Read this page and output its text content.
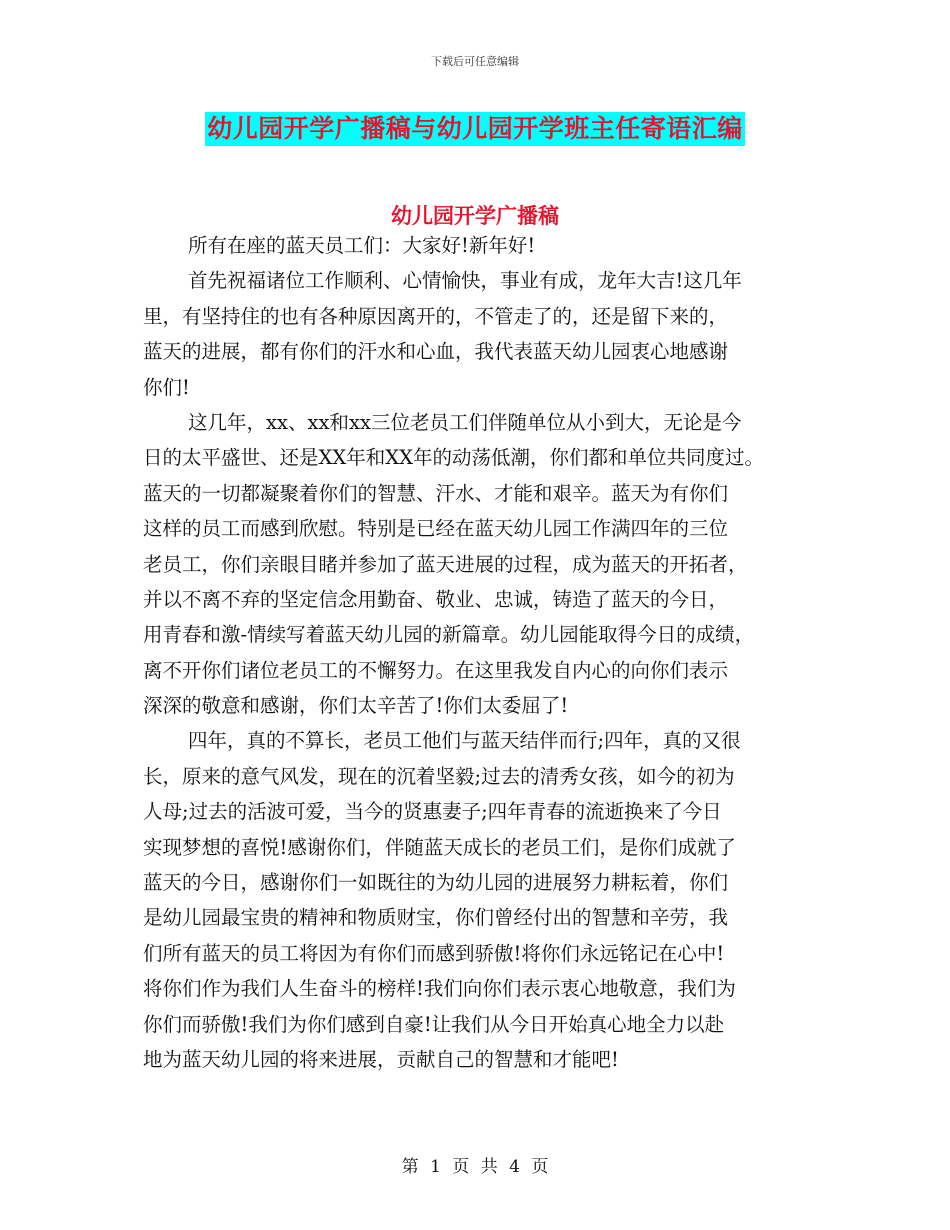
下载后可任意编辑
幼儿园开学广播稿与幼儿园开学班主任寄语汇编
幼儿园开学广播稿
所有在座的蓝天员工们：大家好!新年好!
首先祝福诸位工作顺利、心情愉快，事业有成，龙年大吉!这几年
里，有坚持住的也有各种原因离开的，不管走了的，还是留下来的，
蓝天的进展，都有你们的汗水和心血，我代表蓝天幼儿园衷心地感谢
你们!
这几年，xx、xx和xx三位老员工们伴随单位从小到大，无论是今
日的太平盛世、还是XX年和XX年的动荡低潮，你们都和单位共同度过。
蓝天的一切都凝聚着你们的智慧、汗水、才能和艰辛。蓝天为有你们
这样的员工而感到欣慰。特别是已经在蓝天幼儿园工作满四年的三位
老员工，你们亲眼目睹并参加了蓝天进展的过程，成为蓝天的开拓者，
并以不离不弃的坚定信念用勤奋、敬业、忠诚，铸造了蓝天的今日，
用青春和激-情续写着蓝天幼儿园的新篇章。幼儿园能取得今日的成绩，
离不开你们诸位老员工的不懈努力。在这里我发自内心的向你们表示
深深的敬意和感谢，你们太辛苦了!你们太委屈了!
四年，真的不算长，老员工他们与蓝天结伴而行;四年，真的又很
长，原来的意气风发，现在的沉着坚毅;过去的清秀女孩，如今的初为
人母;过去的活波可爱，当今的贤惠妻子;四年青春的流逝换来了今日
实现梦想的喜悦!感谢你们，伴随蓝天成长的老员工们，是你们成就了
蓝天的今日，感谢你们一如既往的为幼儿园的进展努力耕耘着，你们
是幼儿园最宝贵的精神和物质财宝，你们曾经付出的智慧和辛劳，我
们所有蓝天的员工将因为有你们而感到骄傲!将你们永远铭记在心中!
将你们作为我们人生奋斗的榜样!我们向你们表示衷心地敬意，我们为
你们而骄傲!我们为你们感到自豪!让我们从今日开始真心地全力以赴
地为蓝天幼儿园的将来进展，贡献自己的智慧和才能吧!
第 1 页 共 4 页
